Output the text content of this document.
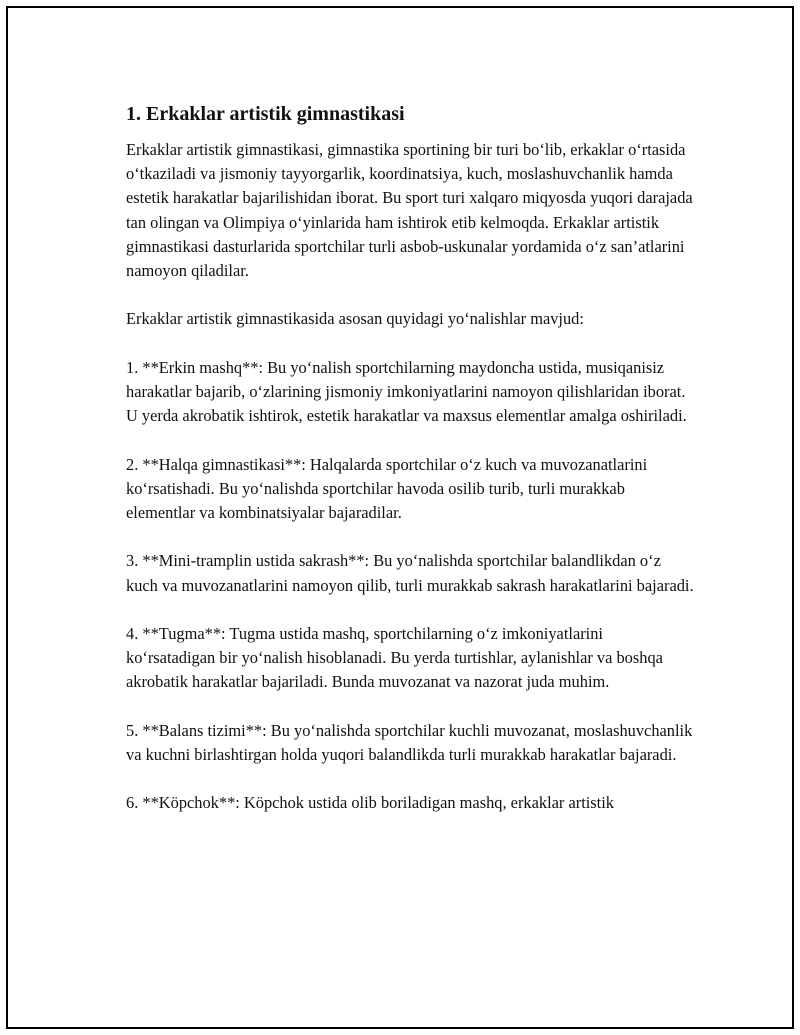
1. Erkaklar artistik gimnastikasi

Erkaklar artistik gimnastikasi, gimnastika sportining bir turi bo‘lib, erkaklar o‘rtasida o‘tkaziladi va jismoniy tayyorgarlik, koordinatsiya, kuch, moslashuvchanlik hamda estetik harakatlar bajarilishidan iborat. Bu sport turi xalqaro miqyosda yuqori darajada tan olingan va Olimpiya o‘yinlarida ham ishtirok etib kelmoqda. Erkaklar artistik gimnastikasi dasturlarida sportchilar turli asbob-uskunalar yordamida o‘z san’atlarini namoyon qiladilar.

Erkaklar artistik gimnastikasida asosan quyidagi yo‘nalishlar mavjud:

1. **Erkin mashq**: Bu yo‘nalish sportchilarning maydoncha ustida, musiqanisiz harakatlar bajarib, o‘zlarining jismoniy imkoniyatlarini namoyon qilishlaridan iborat. U yerda akrobatik ishtirok, estetik harakatlar va maxsus elementlar amalga oshiriladi.

2. **Halqa gimnastikasi**: Halqalarda sportchilar o‘z kuch va muvozanatlarini ko‘rsatishadi. Bu yo‘nalishda sportchilar havoda osilib turib, turli murakkab elementlar va kombinatsiyalar bajaradilar.

3. **Mini-tramplin ustida sakrash**: Bu yo‘nalishda sportchilar balandlikdan o‘z kuch va muvozanatlarini namoyon qilib, turli murakkab sakrash harakatlarini bajaradi.

4. **Tugma**: Tugma ustida mashq, sportchilarning o‘z imkoniyatlarini ko‘rsatadigan bir yo‘nalish hisoblanadi. Bu yerda turtishlar, aylanishlar va boshqa akrobatik harakatlar bajariladi. Bunda muvozanat va nazorat juda muhim.

5. **Balans tizimi**: Bu yo‘nalishda sportchilar kuchli muvozanat, moslashuvchanlik va kuchni birlashtirgan holda yuqori balandlikda turli murakkab harakatlar bajaradi.

6. **Köpchok**: Köpchok ustida olib boriladigan mashq, erkaklar artistik
